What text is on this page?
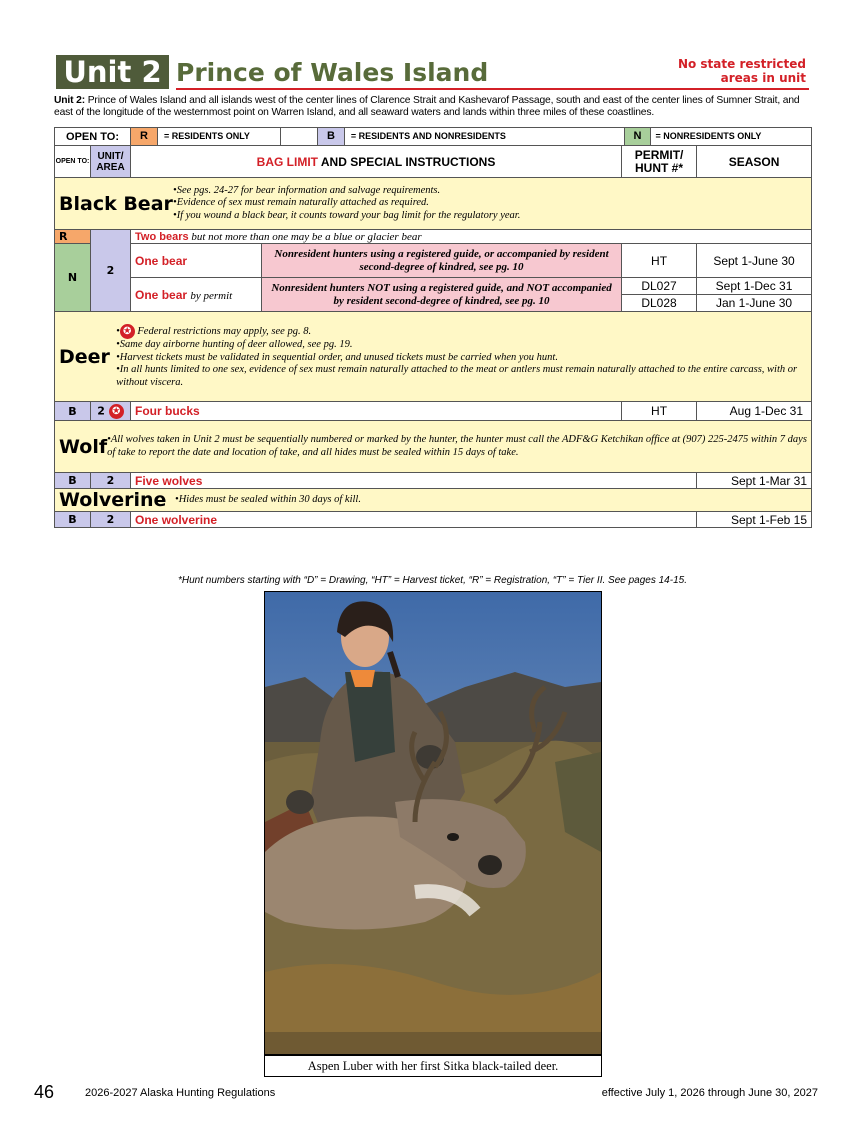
Unit 2 Prince of Wales Island	No state restricted
areas in unit
Unit 2: Prince of Wales Island and all islands west of the center lines of Clarence Strait and Kashevarof Passage, south and east of the center lines of Sumner Strait, and east of the longitude of the westernmost point on Warren Island, and all seaward waters and lands within three miles of these coastlines.
OPEN TO:		R = RESIDENTS ONLY B = RESIDENTS AND NONRESIDENTS		N = NONRESIDENTS ONLY	

OPEN TO:	UNIT/ AREA	BAG LIMIT AND SPECIAL INSTRUCTIONS		PERMIT/ HUNT #*	SEASON

Black Bear
•See pgs. 24-27 for bear information and salvage requirements.
•Evidence of sex must remain naturally attached as required.
•If you wound a black bear, it counts toward your bag limit for the regulatory year.					

R	2	Two bears but not more than one may be a blue or glacier bear			
N		One bear	Nonresident hunters using a registered guide, or accompanied by resident second-degree of kindred, see pg. 10	HT	Sept 1-June 30
		One bear by permit	Nonresident hunters NOT using a registered guide, and NOT accompanied by resident second-degree of kindred, see pg. 10	DL027	Sept 1-Dec 31
				DL028	Jan 1-June 30

Deer
• ✪ Federal restrictions may apply, see pg. 8.
•Same day airborne hunting of deer allowed, see pg. 19.
•Harvest tickets must be validated in sequential order, and unused tickets must be carried when you hunt.
•In all hunts limited to one sex, evidence of sex must remain naturally attached to the meat or antlers must remain naturally attached to the entire carcass, with or without viscera.					

B	2 ✪	Four bucks		HT	Aug 1-Dec 31

Wolf •All wolves taken in Unit 2 must be sequentially numbered or marked by the hunter, the hunter must call the ADF&G Ketchikan office at (907) 225-2475 within 7 days of take to report the date and location of take, and all hides must be sealed within 15 days of take.					

B	2	Five wolves			Sept 1-Mar 31

Wolverine •Hides must be sealed within 30 days of kill.					

B	2	One wolverine			Sept 1-Feb 15
*Hunt numbers starting with “D” = Drawing, “HT” = Harvest ticket, “R” = Registration, “T” = Tier II. See pages 14-15.
Aspen Luber with her first Sitka black-tailed deer.
46	2026-2027 Alaska Hunting Regulations	effective July 1, 2026 through June 30, 2027
